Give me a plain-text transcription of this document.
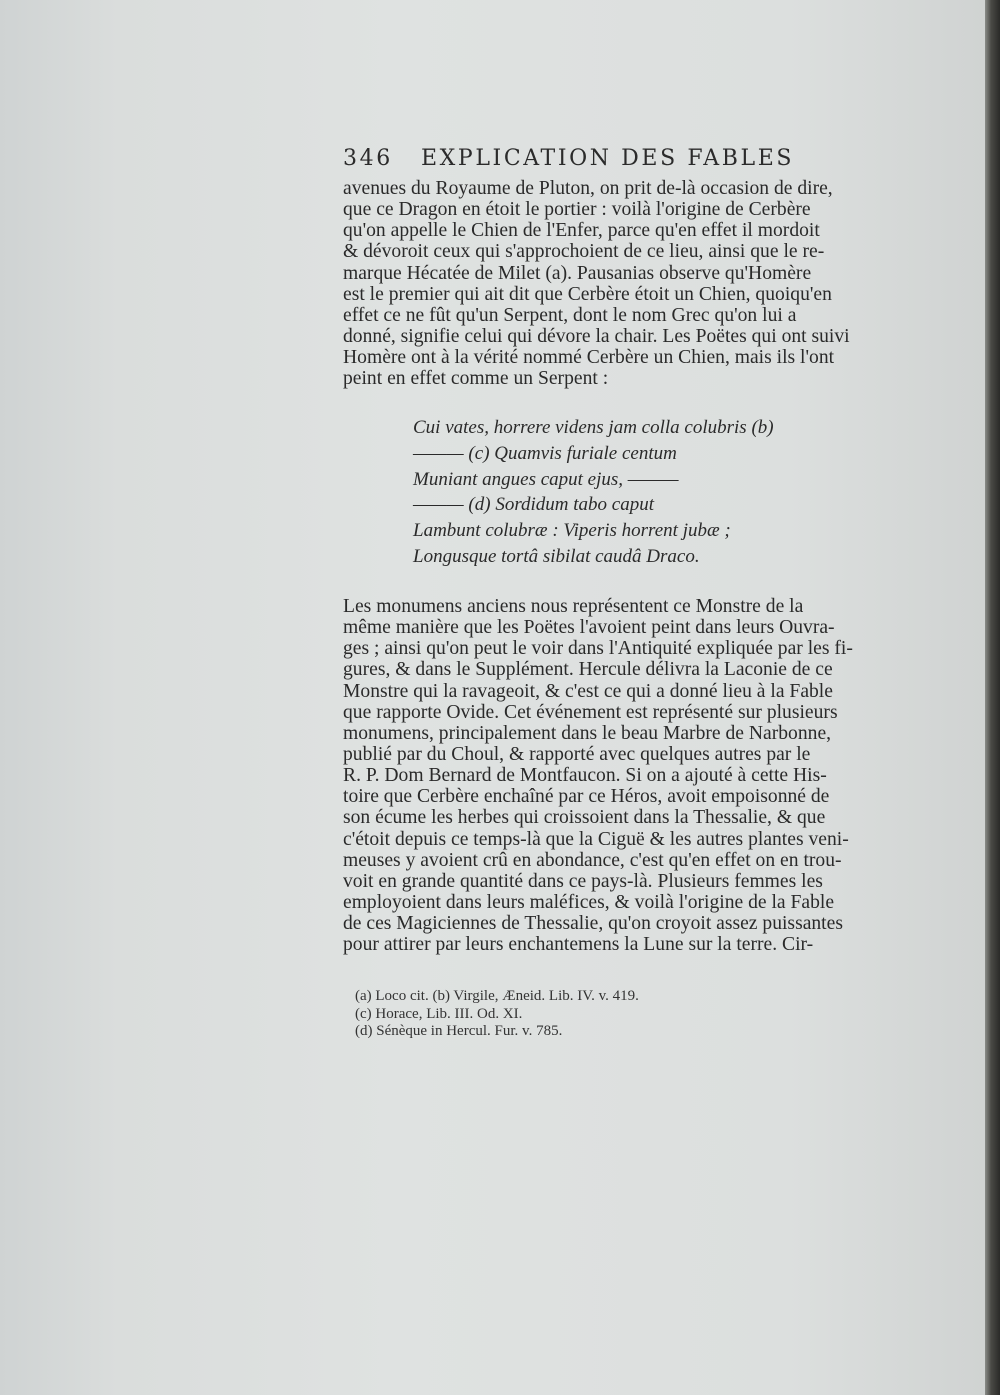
346 EXPLICATION DES FABLES
avenues du Royaume de Pluton, on prit de-là occasion de dire,
que ce Dragon en étoit le portier : voilà l'origine de Cerbère
qu'on appelle le Chien de l'Enfer, parce qu'en effet il mordoit
& dévoroit ceux qui s'approchoient de ce lieu, ainsi que le re-
marque Hécatée de Milet (a). Pausanias observe qu'Homère
est le premier qui ait dit que Cerbère étoit un Chien, quoiqu'en
effet ce ne fût qu'un Serpent, dont le nom Grec qu'on lui a
donné, signifie celui qui dévore la chair. Les Poëtes qui ont suivi
Homère ont à la vérité nommé Cerbère un Chien, mais ils l'ont
peint en effet comme un Serpent :
Cui vates, horrere videns jam colla colubris (b)
——— (c) Quamvis furiale centum
Muniant angues caput ejus, ———
——— (d) Sordidum tabo caput
Lambunt colubræ : Viperis horrent jubæ ;
Longusque tortâ sibilat caudâ Draco.
Les monumens anciens nous représentent ce Monstre de la
même manière que les Poëtes l'avoient peint dans leurs Ouvra-
ges ; ainsi qu'on peut le voir dans l'Antiquité expliquée par les fi-
gures, & dans le Supplément. Hercule délivra la Laconie de ce
Monstre qui la ravageoit, & c'est ce qui a donné lieu à la Fable
que rapporte Ovide. Cet événement est représenté sur plusieurs
monumens, principalement dans le beau Marbre de Narbonne,
publié par du Choul, & rapporté avec quelques autres par le
R. P. Dom Bernard de Montfaucon. Si on a ajouté à cette His-
toire que Cerbère enchaîné par ce Héros, avoit empoisonné de
son écume les herbes qui croissoient dans la Thessalie, & que
c'étoit depuis ce temps-là que la Ciguë & les autres plantes veni-
meuses y avoient crû en abondance, c'est qu'en effet on en trou-
voit en grande quantité dans ce pays-là. Plusieurs femmes les
employoient dans leurs maléfices, & voilà l'origine de la Fable
de ces Magiciennes de Thessalie, qu'on croyoit assez puissantes
pour attirer par leurs enchantemens la Lune sur la terre. Cir-
(a) Loco cit. (b) Virgile, Æneid. Lib. IV. v. 419.
(c) Horace, Lib. III. Od. XI.
(d) Sénèque in Hercul. Fur. v. 785.
